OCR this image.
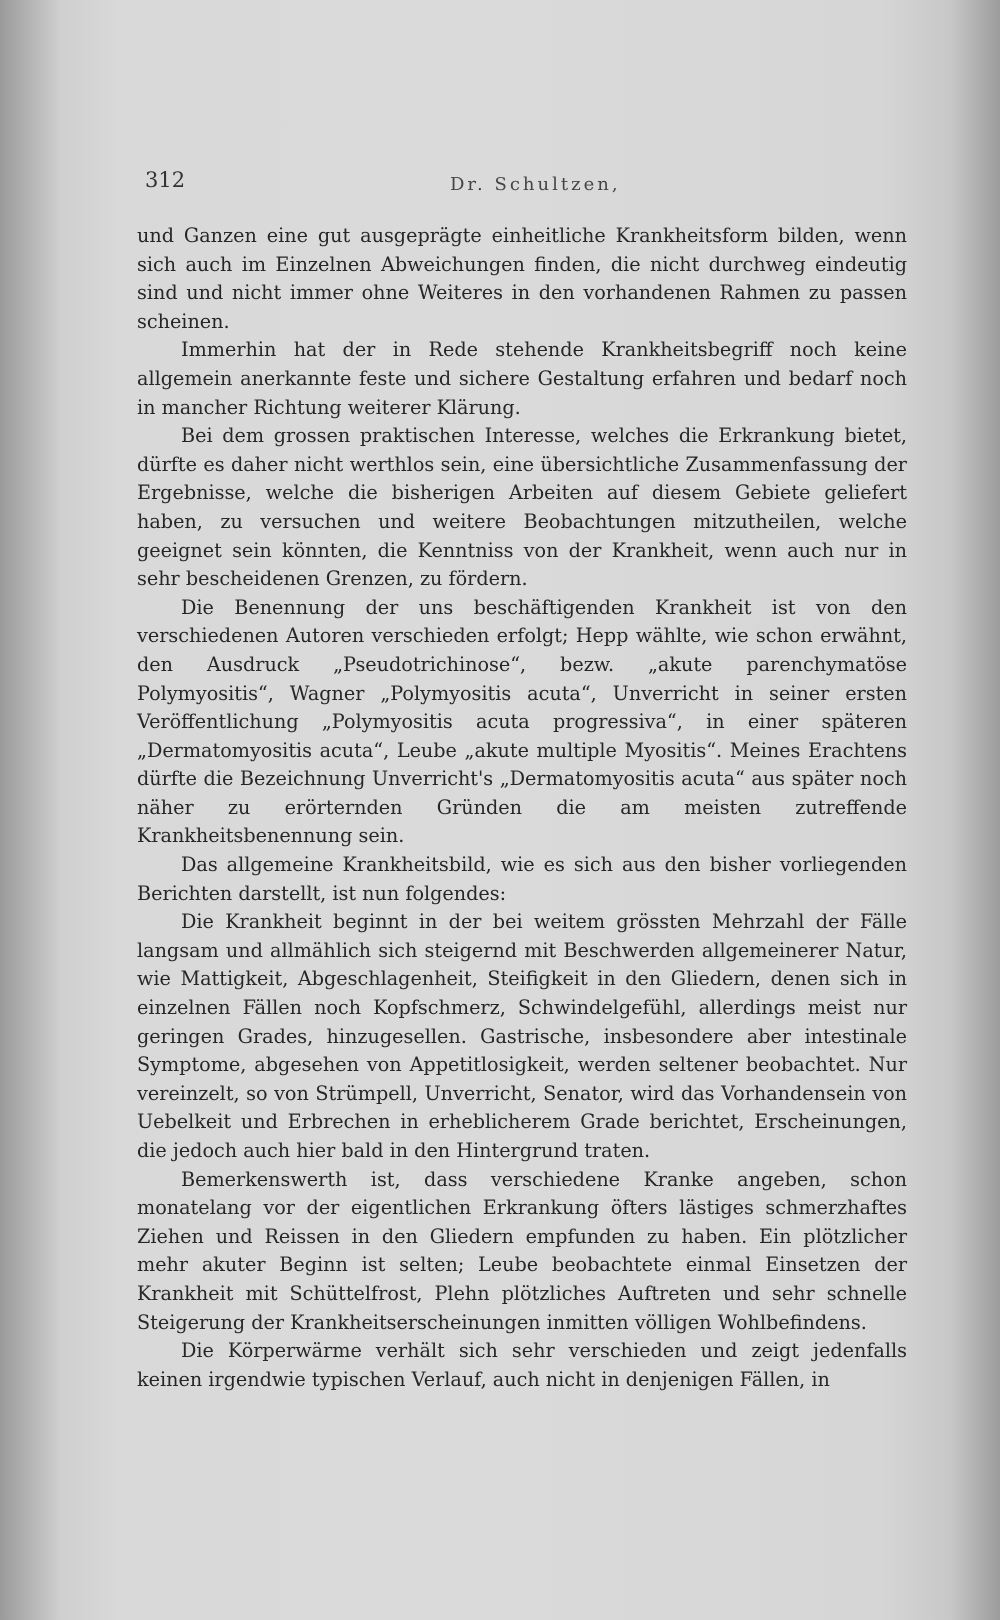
312	Dr. Schultzen,

und Ganzen eine gut ausgeprägte einheitliche Krankheitsform bilden, wenn sich auch im Einzelnen Abweichungen finden, die nicht durchweg eindeutig sind und nicht immer ohne Weiteres in den vorhandenen Rahmen zu passen scheinen.

Immerhin hat der in Rede stehende Krankheitsbegriff noch keine allgemein anerkannte feste und sichere Gestaltung erfahren und bedarf noch in mancher Richtung weiterer Klärung.

Bei dem grossen praktischen Interesse, welches die Erkrankung bietet, dürfte es daher nicht werthlos sein, eine übersichtliche Zusammenfassung der Ergebnisse, welche die bisherigen Arbeiten auf diesem Gebiete geliefert haben, zu versuchen und weitere Beobachtungen mitzutheilen, welche geeignet sein könnten, die Kenntniss von der Krankheit, wenn auch nur in sehr bescheidenen Grenzen, zu fördern.

Die Benennung der uns beschäftigenden Krankheit ist von den verschiedenen Autoren verschieden erfolgt; Hepp wählte, wie schon erwähnt, den Ausdruck „Pseudotrichinose“, bezw. „akute parenchymatöse Polymyositis“, Wagner „Polymyositis acuta“, Unverricht in seiner ersten Veröffentlichung „Polymyositis acuta progressiva“, in einer späteren „Dermatomyositis acuta“, Leube „akute multiple Myositis“. Meines Erachtens dürfte die Bezeichnung Unverricht's „Dermatomyositis acuta“ aus später noch näher zu erörternden Gründen die am meisten zutreffende Krankheitsbenennung sein.

Das allgemeine Krankheitsbild, wie es sich aus den bisher vorliegenden Berichten darstellt, ist nun folgendes:

Die Krankheit beginnt in der bei weitem grössten Mehrzahl der Fälle langsam und allmählich sich steigernd mit Beschwerden allgemeinerer Natur, wie Mattigkeit, Abgeschlagenheit, Steifigkeit in den Gliedern, denen sich in einzelnen Fällen noch Kopfschmerz, Schwindelgefühl, allerdings meist nur geringen Grades, hinzugesellen. Gastrische, insbesondere aber intestinale Symptome, abgesehen von Appetitlosigkeit, werden seltener beobachtet. Nur vereinzelt, so von Strümpell, Unverricht, Senator, wird das Vorhandensein von Uebelkeit und Erbrechen in erheblicherem Grade berichtet, Erscheinungen, die jedoch auch hier bald in den Hintergrund traten.

Bemerkenswerth ist, dass verschiedene Kranke angeben, schon monatelang vor der eigentlichen Erkrankung öfters lästiges schmerzhaftes Ziehen und Reissen in den Gliedern empfunden zu haben. Ein plötzlicher mehr akuter Beginn ist selten; Leube beobachtete einmal Einsetzen der Krankheit mit Schüttelfrost, Plehn plötzliches Auftreten und sehr schnelle Steigerung der Krankheitserscheinungen inmitten völligen Wohlbefindens.

Die Körperwärme verhält sich sehr verschieden und zeigt jedenfalls keinen irgendwie typischen Verlauf, auch nicht in denjenigen Fällen, in
